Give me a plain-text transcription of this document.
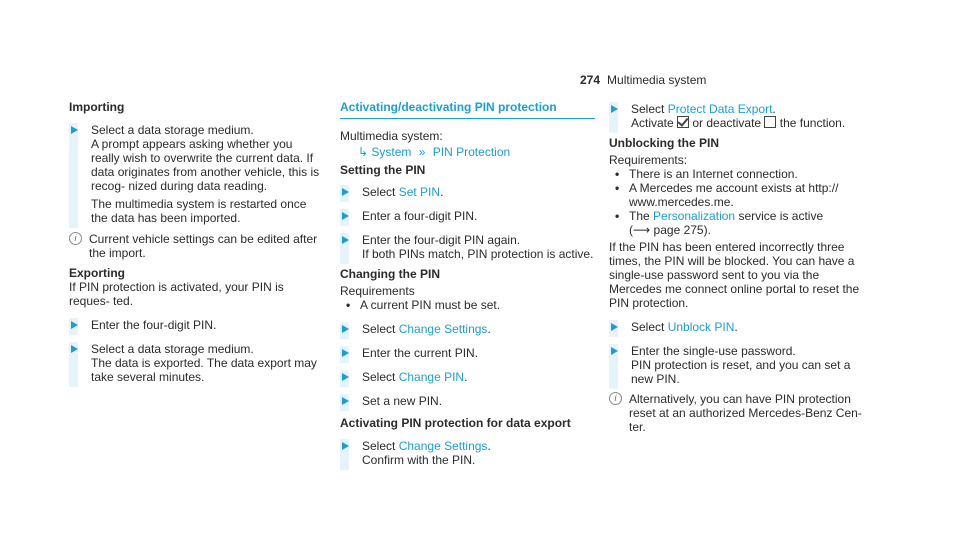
274 Multimedia system

Importing

Select a data storage medium.

A prompt appears asking whether you really wish to overwrite the current data. If data originates from another vehicle, this is recog- nized during data reading.

The multimedia system is restarted once the data has been imported.

i	Current vehicle settings can be edited after the import.

Exporting

If PIN protection is activated, your PIN is reques- ted.

Enter the four-digit PIN.

Select a data storage medium.

The data is exported. The data export may take several minutes.

Activating/deactivating PIN protection

Multimedia system:

↳ System » PIN Protection

Setting the PIN

Select Set PIN.

Enter a four-digit PIN.

Enter the four-digit PIN again.

If both PINs match, PIN protection is active.

Changing the PIN

Requirements

• A current PIN must be set.

Select Change Settings.

Enter the current PIN.

Select Change PIN.

Set a new PIN.

Activating PIN protection for data export

Select Change Settings.

Confirm with the PIN.

Select Protect Data Export.

Activate or deactivate the function.

Unblocking the PIN

Requirements:

• There is an Internet connection.
• A Mercedes me account exists at http:// www.mercedes.me.
• The Personalization service is active
(⟶ page 275).

If the PIN has been entered incorrectly three times, the PIN will be blocked. You can have a single-use password sent to you via the Mercedes me connect online portal to reset the PIN protection.

Select Unblock PIN.

Enter the single-use password.

PIN protection is reset, and you can set a new PIN.

i	Alternatively, you can have PIN protection reset at an authorized Mercedes-Benz Cen- ter.
